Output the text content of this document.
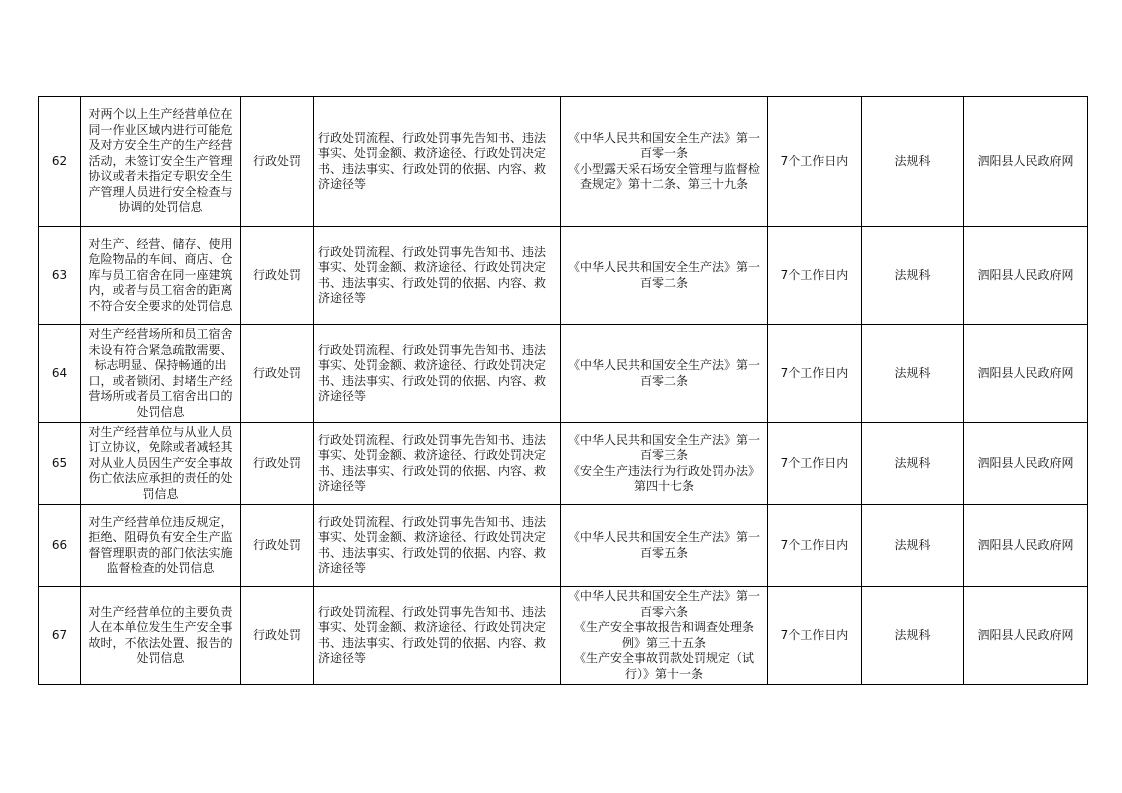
62	对两个以上生产经营单位在同一作业区域内进行可能危及对方安全生产的生产经营活动，未签订安全生产管理协议或者未指定专职安全生产管理人员进行安全检查与协调的处罚信息	行政处罚	行政处罚流程、行政处罚事先告知书、违法事实、处罚金额、救济途径、行政处罚决定书、违法事实、行政处罚的依据、内容、救济途径等	《中华人民共和国安全生产法》第一百零一条
《小型露天采石场安全管理与监督检查规定》第十二条、第三十九条	7个工作日内	法规科	泗阳县人民政府网
63	对生产、经营、储存、使用危险物品的车间、商店、仓库与员工宿舍在同一座建筑内，或者与员工宿舍的距离不符合安全要求的处罚信息	行政处罚	行政处罚流程、行政处罚事先告知书、违法事实、处罚金额、救济途径、行政处罚决定书、违法事实、行政处罚的依据、内容、救济途径等	《中华人民共和国安全生产法》第一百零二条	7个工作日内	法规科	泗阳县人民政府网
64	对生产经营场所和员工宿舍未设有符合紧急疏散需要、标志明显、保持畅通的出口，或者锁闭、封堵生产经营场所或者员工宿舍出口的处罚信息	行政处罚	行政处罚流程、行政处罚事先告知书、违法事实、处罚金额、救济途径、行政处罚决定书、违法事实、行政处罚的依据、内容、救济途径等	《中华人民共和国安全生产法》第一百零二条	7个工作日内	法规科	泗阳县人民政府网
65	对生产经营单位与从业人员订立协议，免除或者减轻其对从业人员因生产安全事故伤亡依法应承担的责任的处罚信息	行政处罚	行政处罚流程、行政处罚事先告知书、违法事实、处罚金额、救济途径、行政处罚决定书、违法事实、行政处罚的依据、内容、救济途径等	《中华人民共和国安全生产法》第一百零三条
《安全生产违法行为行政处罚办法》第四十七条	7个工作日内	法规科	泗阳县人民政府网
66	对生产经营单位违反规定，拒绝、阻碍负有安全生产监督管理职责的部门依法实施监督检查的处罚信息	行政处罚	行政处罚流程、行政处罚事先告知书、违法事实、处罚金额、救济途径、行政处罚决定书、违法事实、行政处罚的依据、内容、救济途径等	《中华人民共和国安全生产法》第一百零五条	7个工作日内	法规科	泗阳县人民政府网
67	对生产经营单位的主要负责人在本单位发生生产安全事故时，不依法处置、报告的处罚信息	行政处罚	行政处罚流程、行政处罚事先告知书、违法事实、处罚金额、救济途径、行政处罚决定书、违法事实、行政处罚的依据、内容、救济途径等	《中华人民共和国安全生产法》第一百零六条
《生产安全事故报告和调查处理条例》第三十五条
《生产安全事故罚款处罚规定（试行）》第十一条	7个工作日内	法规科	泗阳县人民政府网
